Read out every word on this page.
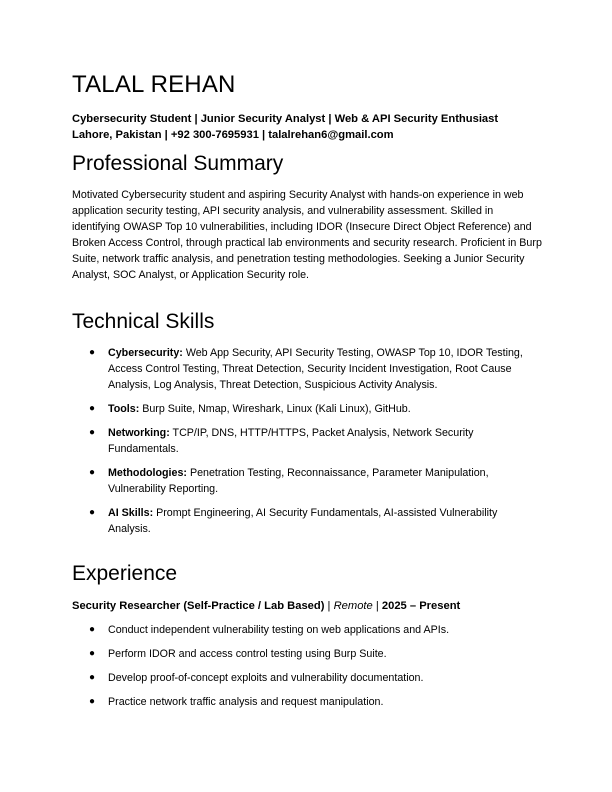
TALAL REHAN
Cybersecurity Student | Junior Security Analyst | Web & API Security Enthusiast
Lahore, Pakistan | +92 300-7695931 | talalrehan6@gmail.com
Professional Summary
Motivated Cybersecurity student and aspiring Security Analyst with hands-on experience in web application security testing, API security analysis, and vulnerability assessment. Skilled in identifying OWASP Top 10 vulnerabilities, including IDOR (Insecure Direct Object Reference) and Broken Access Control, through practical lab environments and security research. Proficient in Burp Suite, network traffic analysis, and penetration testing methodologies. Seeking a Junior Security Analyst, SOC Analyst, or Application Security role.
Technical Skills
● Cybersecurity: Web App Security, API Security Testing, OWASP Top 10, IDOR Testing, Access Control Testing, Threat Detection, Security Incident Investigation, Root Cause Analysis, Log Analysis, Threat Detection, Suspicious Activity Analysis.
● Tools: Burp Suite, Nmap, Wireshark, Linux (Kali Linux), GitHub.
● Networking: TCP/IP, DNS, HTTP/HTTPS, Packet Analysis, Network Security Fundamentals.
● Methodologies: Penetration Testing, Reconnaissance, Parameter Manipulation, Vulnerability Reporting.
● AI Skills: Prompt Engineering, AI Security Fundamentals, AI-assisted Vulnerability Analysis.
Experience
Security Researcher (Self-Practice / Lab Based) | Remote | 2025 – Present
● Conduct independent vulnerability testing on web applications and APIs.
● Perform IDOR and access control testing using Burp Suite.
● Develop proof-of-concept exploits and vulnerability documentation.
● Practice network traffic analysis and request manipulation.
